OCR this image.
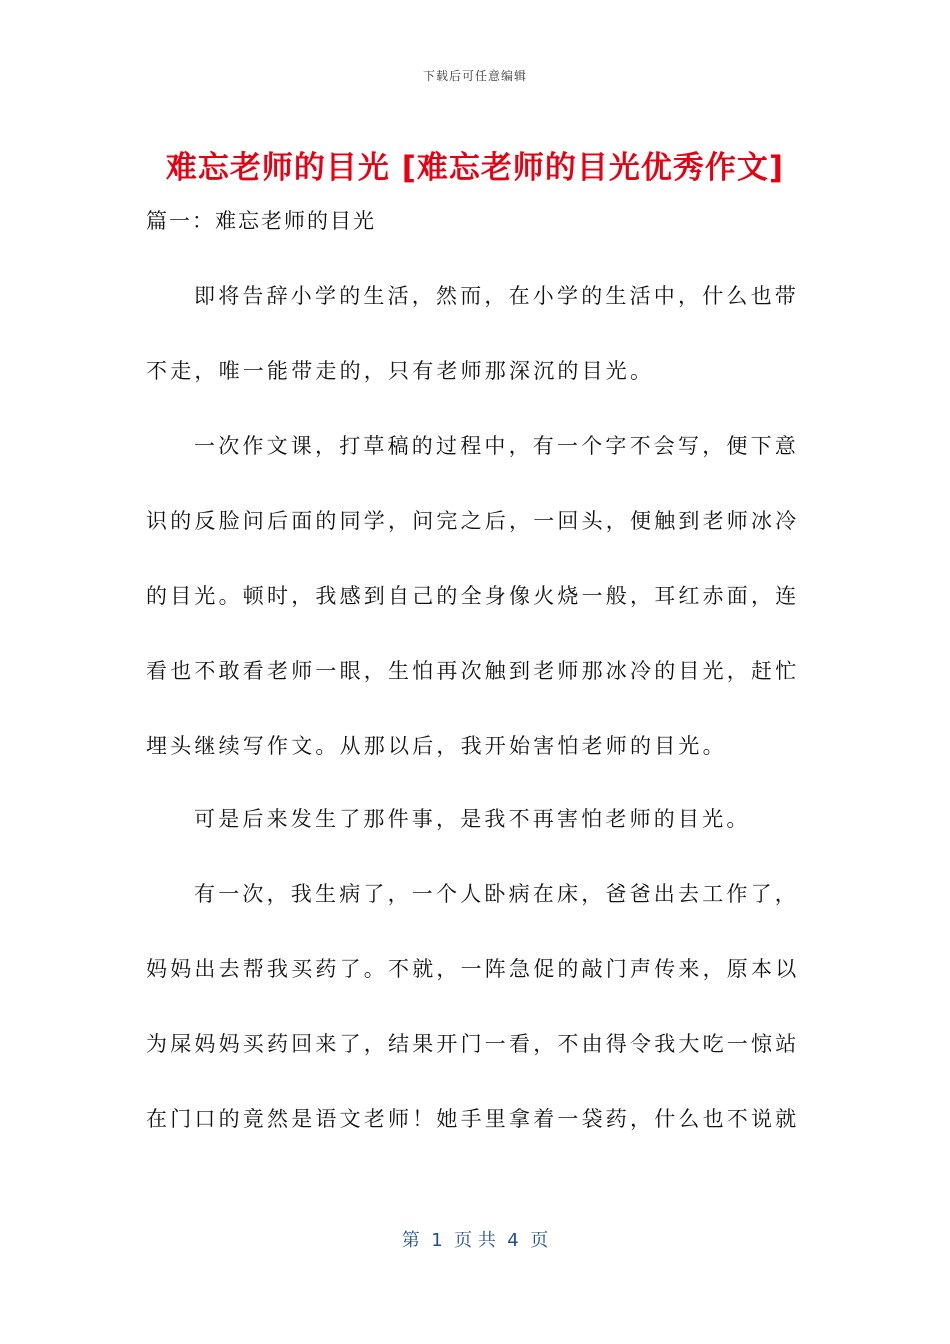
下载后可任意编辑
难忘老师的目光 [难忘老师的目光优秀作文]
篇一：难忘老师的目光
即将告辞小学的生活，然而，在小学的生活中，什么也带
不走，唯一能带走的，只有老师那深沉的目光。
一次作文课，打草稿的过程中，有一个字不会写，便下意
识的反脸问后面的同学，问完之后，一回头，便触到老师冰冷
的目光。顿时，我感到自己的全身像火烧一般，耳红赤面，连
看也不敢看老师一眼，生怕再次触到老师那冰冷的目光，赶忙
埋头继续写作文。从那以后，我开始害怕老师的目光。
可是后来发生了那件事，是我不再害怕老师的目光。
有一次，我生病了，一个人卧病在床，爸爸出去工作了，
妈妈出去帮我买药了。不就，一阵急促的敲门声传来，原本以
为屎妈妈买药回来了，结果开门一看，不由得令我大吃一惊站
在门口的竟然是语文老师！她手里拿着一袋药，什么也不说就
第  1  页 共  4  页
